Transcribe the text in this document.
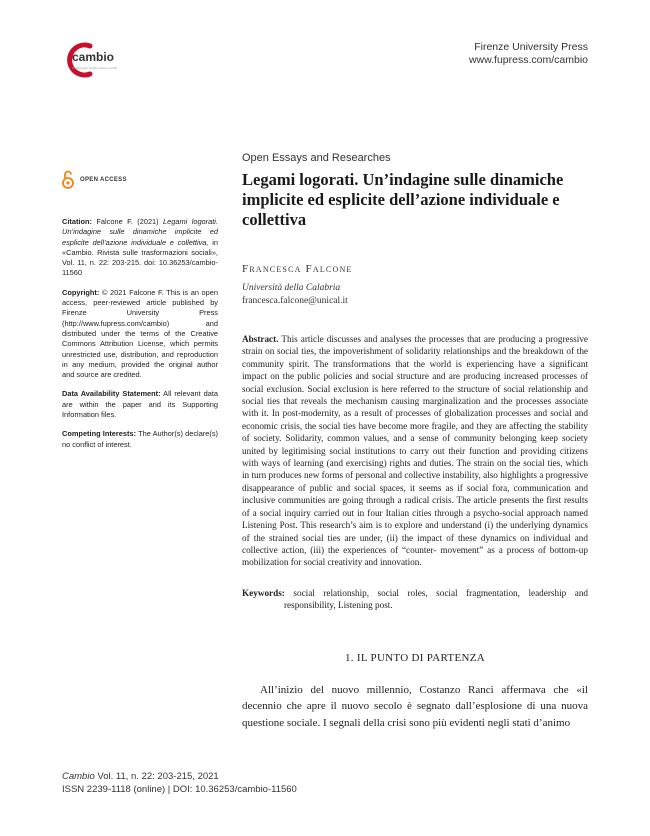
cambio
Rivista sulle trasformazioni sociali
Firenze University Press
www.fupress.com/cambio
OPEN ACCESS
Citation: Falcone F. (2021) Legami logorati. Un’indagine sulle dinamiche implicite ed esplicite dell’azione individuale e collettiva, in «Cambio. Rivista sulle trasformazioni sociali», Vol. 11, n. 22: 203-215. doi: 10.36253/cambio-11560
Copyright: © 2021 Falcone F. This is an open access, peer-reviewed article published by Firenze University Press (http://www.fupress.com/cambio) and distributed under the terms of the Creative Commons Attribution License, which permits unrestricted use, distribution, and reproduction in any medium, provided the original author and source are credited.
Data Availability Statement: All relevant data are within the paper and its Supporting Information files.
Competing Interests: The Author(s) declare(s) no conflict of interest.
Open Essays and Researches
Legami logorati. Un’indagine sulle dinamiche implicite ed esplicite dell’azione individuale e collettiva
Francesca Falcone
Università della Calabria
francesca.falcone@unical.it
Abstract. This article discusses and analyses the processes that are producing a progressive strain on social ties, the impoverishment of solidarity relationships and the breakdown of the community spirit. The transformations that the world is experiencing have a significant impact on the public policies and social structure and are producing increased processes of social exclusion. Social exclusion is here referred to the structure of social relationship and social ties that reveals the mechanism causing marginalization and the processes associate with it. In post-modernity, as a result of processes of globalization processes and social and economic crisis, the social ties have become more fragile, and they are affecting the stability of society. Solidarity, common values, and a sense of community belonging keep society united by legitimising social institutions to carry out their function and providing citizens with ways of learning (and exercising) rights and duties. The strain on the social ties, which in turn produces new forms of personal and collective instability, also highlights a progressive disappearance of public and social spaces, it seems as if social fora, communication and inclusive communities are going through a radical crisis. The article presents the first results of a social inquiry carried out in four Italian cities through a psycho-social approach named Listening Post. This research’s aim is to explore and understand (i) the underlying dynamics of the strained social ties are under, (ii) the impact of these dynamics on individual and collective action, (iii) the experiences of “counter- movement” as a process of bottom-up mobilization for social creativity and innovation.
Keywords: social relationship, social roles, social fragmentation, leadership and responsibility, Listening post.
1. IL PUNTO DI PARTENZA
All’inizio del nuovo millennio, Costanzo Ranci affermava che «il decennio che apre il nuovo secolo è segnato dall’esplosione di una nuova questione sociale. I segnali della crisi sono più evidenti negli stati d’animo
Cambio Vol. 11, n. 22: 203-215, 2021
ISSN 2239-1118 (online) | DOI: 10.36253/cambio-11560
